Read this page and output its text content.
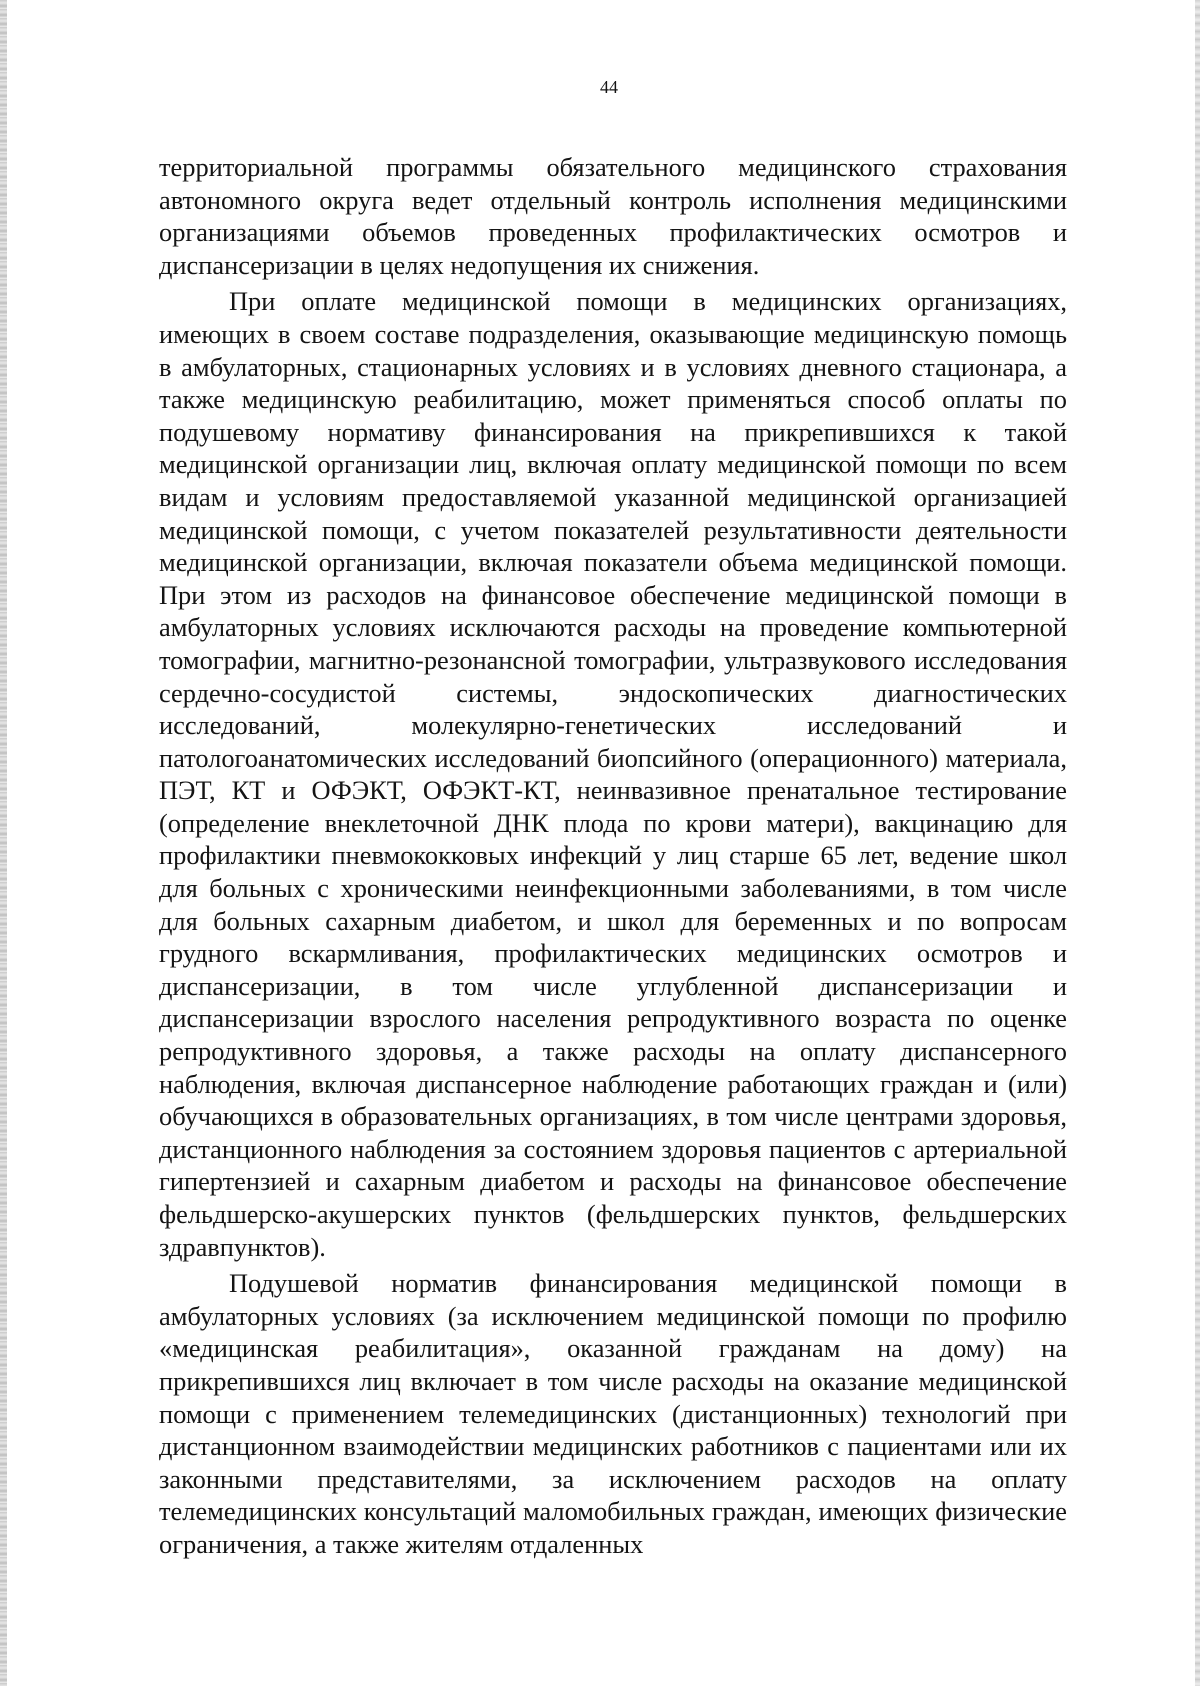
44

территориальной программы обязательного медицинского страхования автономного округа ведет отдельный контроль исполнения медицинскими организациями объемов проведенных профилактических осмотров и диспансеризации в целях недопущения их снижения.

При оплате медицинской помощи в медицинских организациях, имеющих в своем составе подразделения, оказывающие медицинскую помощь в амбулаторных, стационарных условиях и в условиях дневного стационара, а также медицинскую реабилитацию, может применяться способ оплаты по подушевому нормативу финансирования на прикрепившихся к такой медицинской организации лиц, включая оплату медицинской помощи по всем видам и условиям предоставляемой указанной медицинской организацией медицинской помощи, с учетом показателей результативности деятельности медицинской организации, включая показатели объема медицинской помощи. При этом из расходов на финансовое обеспечение медицинской помощи в амбулаторных условиях исключаются расходы на проведение компьютерной томографии, магнитно-резонансной томографии, ультразвукового исследования сердечно-сосудистой системы, эндоскопических диагностических исследований, молекулярно-генетических исследований и патологоанатомических исследований биопсийного (операционного) материала, ПЭТ, КТ и ОФЭКТ, ОФЭКТ-КТ, неинвазивное пренатальное тестирование (определение внеклеточной ДНК плода по крови матери), вакцинацию для профилактики пневмококковых инфекций у лиц старше 65 лет, ведение школ для больных с хроническими неинфекционными заболеваниями, в том числе для больных сахарным диабетом, и школ для беременных и по вопросам грудного вскармливания, профилактических медицинских осмотров и диспансеризации, в том числе углубленной диспансеризации и диспансеризации взрослого населения репродуктивного возраста по оценке репродуктивного здоровья, а также расходы на оплату диспансерного наблюдения, включая диспансерное наблюдение работающих граждан и (или) обучающихся в образовательных организациях, в том числе центрами здоровья, дистанционного наблюдения за состоянием здоровья пациентов с артериальной гипертензией и сахарным диабетом и расходы на финансовое обеспечение фельдшерско-акушерских пунктов (фельдшерских пунктов, фельдшерских здравпунктов).

Подушевой норматив финансирования медицинской помощи в амбулаторных условиях (за исключением медицинской помощи по профилю «медицинская реабилитация», оказанной гражданам на дому) на прикрепившихся лиц включает в том числе расходы на оказание медицинской помощи с применением телемедицинских (дистанционных) технологий при дистанционном взаимодействии медицинских работников с пациентами или их законными представителями, за исключением расходов на оплату телемедицинских консультаций маломобильных граждан, имеющих физические ограничения, а также жителям отдаленных
